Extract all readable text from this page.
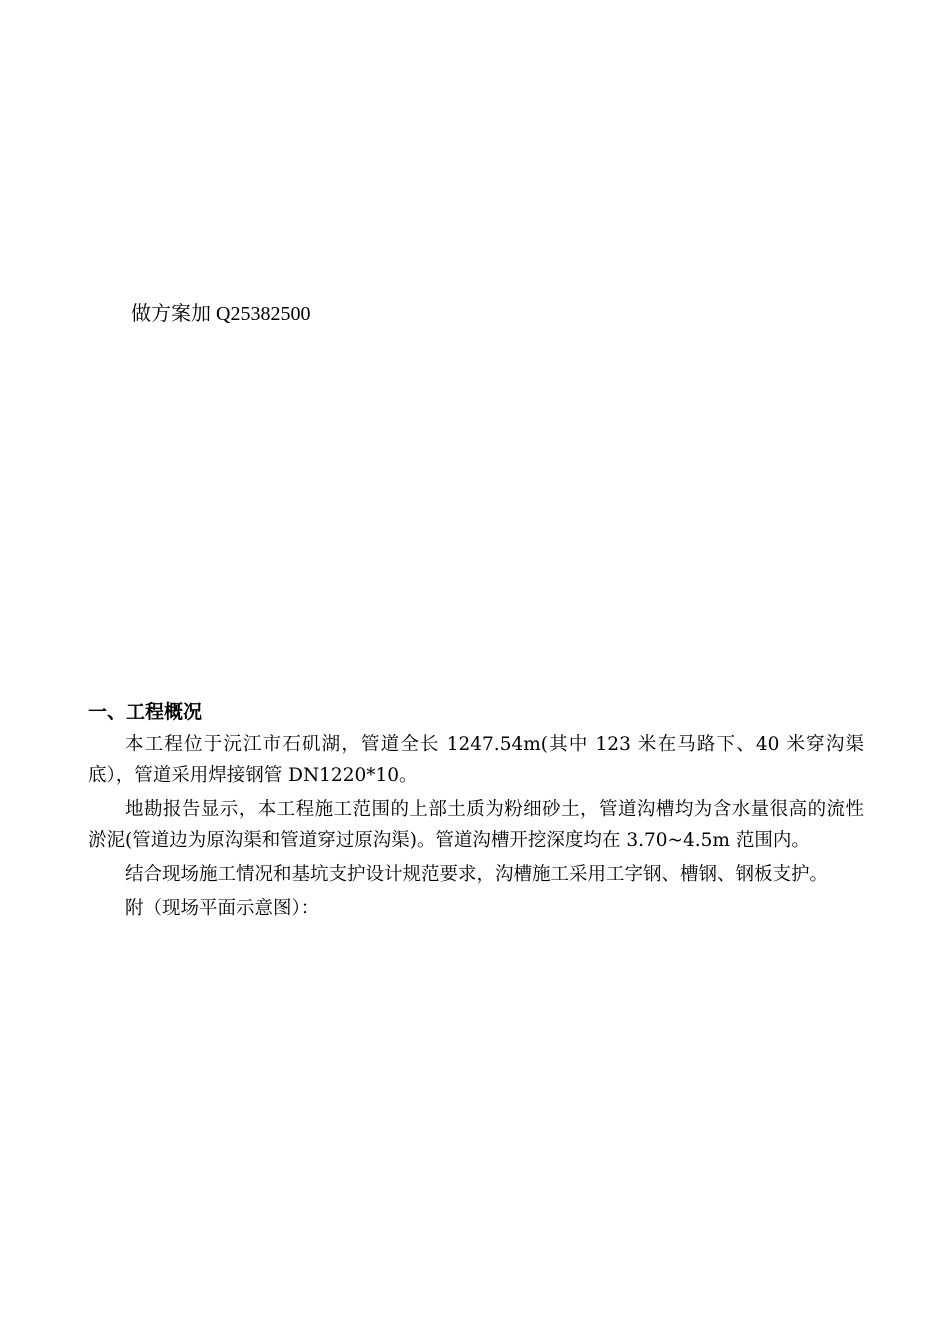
做方案加 Q25382500
一、工程概况

本工程位于沅江市石矶湖，管道全长 1247.54m(其中 123 米在马路下、40 米穿沟渠底），管道采用焊接钢管 DN1220*10。

地勘报告显示，本工程施工范围的上部土质为粉细砂土，管道沟槽均为含水量很高的流性淤泥(管道边为原沟渠和管道穿过原沟渠)。管道沟槽开挖深度均在 3.70~4.5m 范围内。

结合现场施工情况和基坑支护设计规范要求，沟槽施工采用工字钢、槽钢、钢板支护。

附（现场平面示意图）：
